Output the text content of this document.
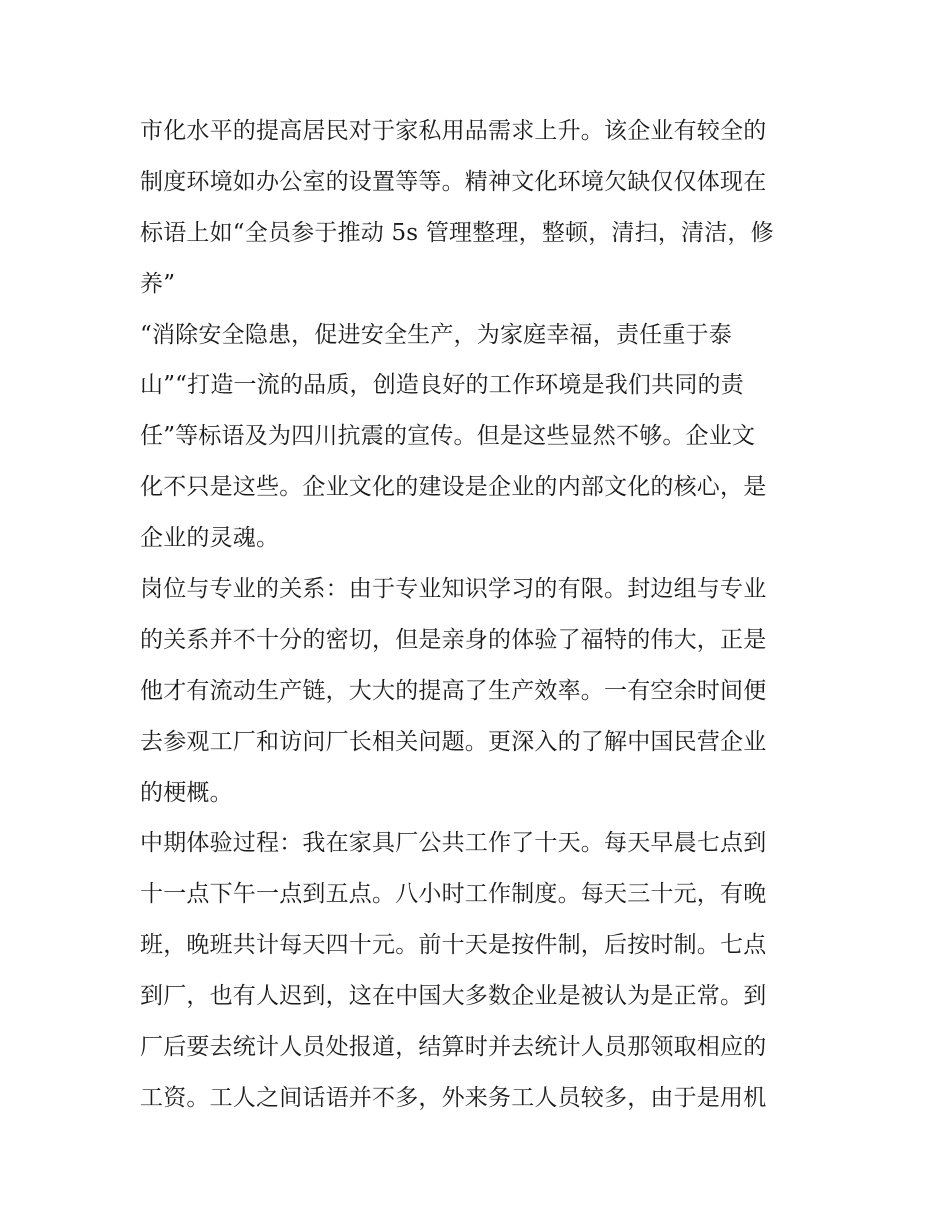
市化水平的提高居民对于家私用品需求上升。该企业有较全的
制度环境如办公室的设置等等。精神文化环境欠缺仅仅体现在
标语上如“全员参于推动 5s 管理整理，整顿，清扫，清洁，修
养”
“消除安全隐患，促进安全生产，为家庭幸福，责任重于泰
山”“打造一流的品质，创造良好的工作环境是我们共同的责
任”等标语及为四川抗震的宣传。但是这些显然不够。企业文
化不只是这些。企业文化的建设是企业的内部文化的核心，是
企业的灵魂。
岗位与专业的关系：由于专业知识学习的有限。封边组与专业
的关系并不十分的密切，但是亲身的体验了福特的伟大，正是
他才有流动生产链，大大的提高了生产效率。一有空余时间便
去参观工厂和访问厂长相关问题。更深入的了解中国民营企业
的梗概。
中期体验过程：我在家具厂公共工作了十天。每天早晨七点到
十一点下午一点到五点。八小时工作制度。每天三十元，有晚
班，晚班共计每天四十元。前十天是按件制，后按时制。七点
到厂，也有人迟到，这在中国大多数企业是被认为是正常。到
厂后要去统计人员处报道，结算时并去统计人员那领取相应的
工资。工人之间话语并不多，外来务工人员较多，由于是用机
